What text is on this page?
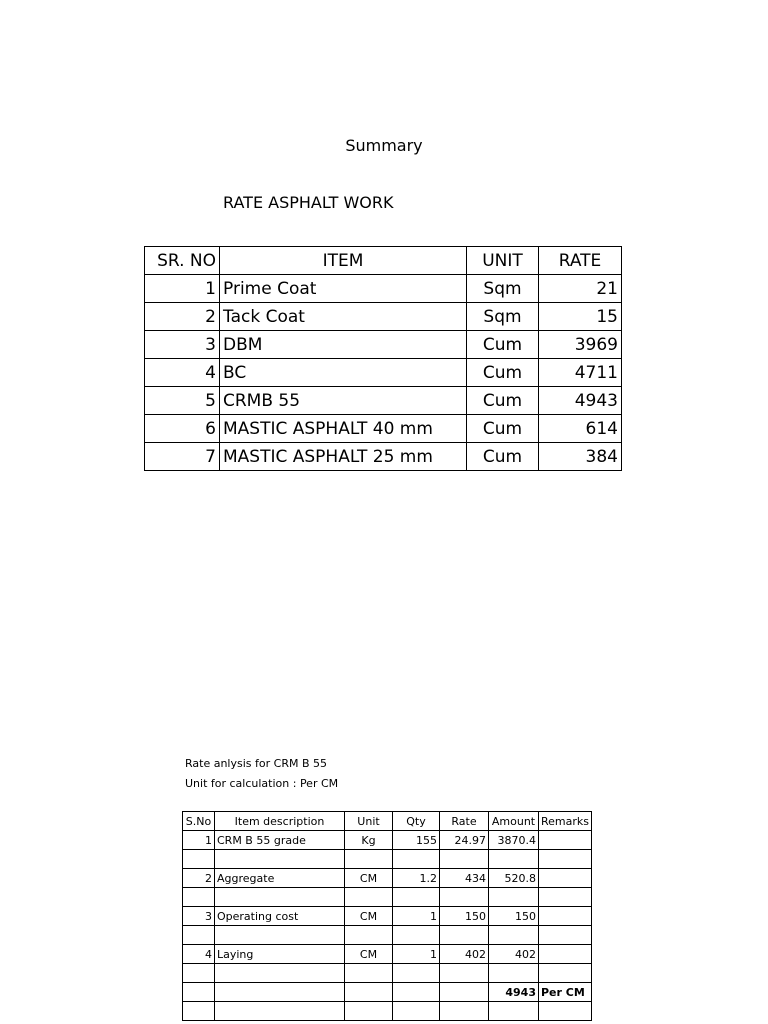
Summary
RATE ASPHALT WORK
SR. NO	ITEM	UNIT	RATE
1	Prime Coat	Sqm	21
2	Tack Coat	Sqm	15
3	DBM	Cum	3969
4	BC	Cum	4711
5	CRMB 55	Cum	4943
6	MASTIC ASPHALT 40 mm	Cum	614
7	MASTIC ASPHALT 25 mm	Cum	384
Rate anlysis for CRM B 55
Unit for calculation : Per CM
S.No	Item description	Unit	Qty	Rate	Amount	Remarks
1	CRM B 55 grade	Kg	155	24.97	3870.4	

2	Aggregate	CM	1.2	434	520.8	

3	Operating cost	CM	1	150	150	

4	Laying	CM	1	402	402	

					4943	Per CM
